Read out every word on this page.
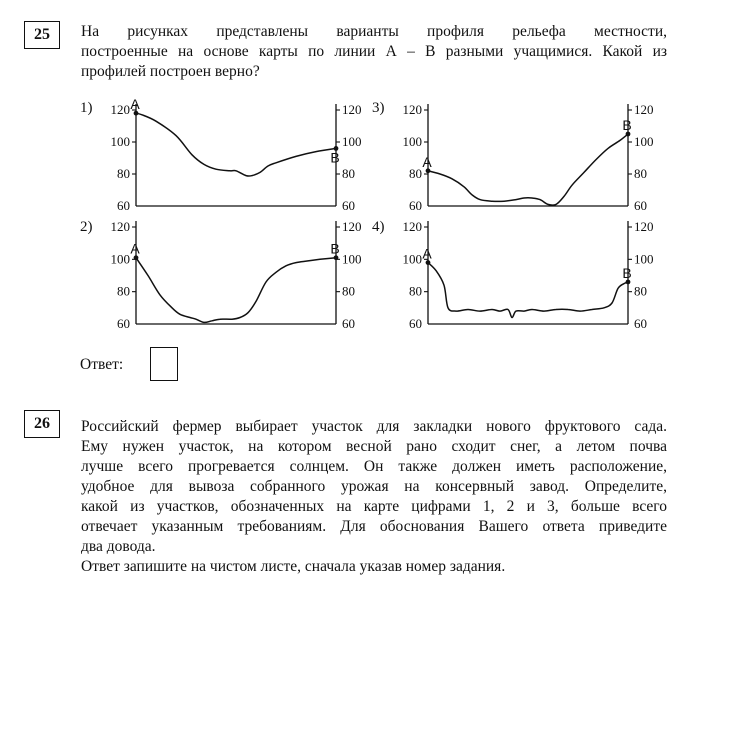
25	На рисунках представлены варианты профиля рельефа местности,

построенные на основе карты по линии А – В разными учащимися. Какой из

профилей построен верно?

1)
2)
3)
4)
120	120
100	100
80	80
60	60
A
B
120	120
100	100
80	80
60	60
A	B
120	120
100	100
80	80
60	60
A
B
120	120
100	100
80	80
60	60
A
B
Ответ:
26	Российский фермер выбирает участок для закладки нового фруктового сада.

Ему нужен участок, на котором весной рано сходит снег, а летом почва

лучше всего прогревается солнцем. Он также должен иметь расположение,

удобное для вывоза собранного урожая на консервный завод. Определите,

какой из участков, обозначенных на карте цифрами 1, 2 и 3, больше всего

отвечает указанным требованиям. Для обоснования Вашего ответа приведите

два довода.

Ответ запишите на чистом листе, сначала указав номер задания.
